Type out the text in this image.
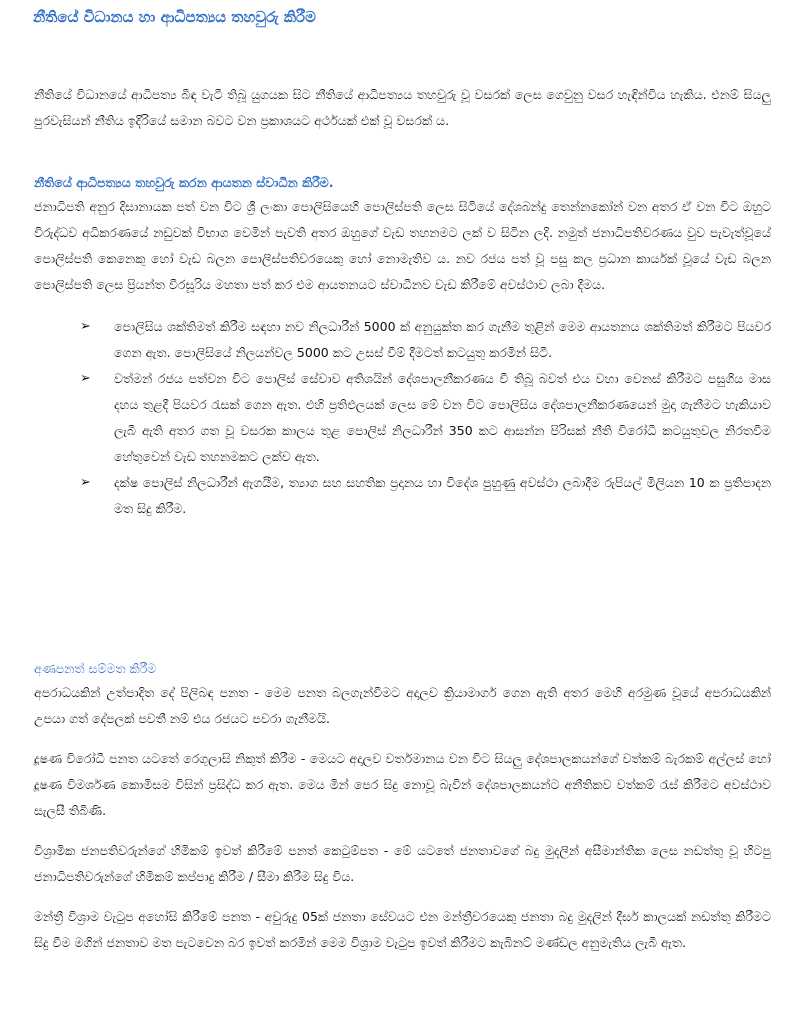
නීතියේ විධානය හා ආධිපත්‍යය තහවුරු කිරීම

නීතියේ විධානයේ ආධිපත්‍ය බිඳ වැටී තිබූ යුගයක සිට නීතියේ ආධිපත්‍යය තහවුරු වූ වසරක් ලෙස ගෙවුනු වසර හැඳින්විය හැකිය. එනම් සියලු පුරවැසියන් නීතිය ඉදිරියේ සමාන බවට වන ප්‍රකාශයට අර්ථයක් එක් වූ වසරක් ය.

නීතියේ ආධිපත්‍යය තහවුරු කරන ආයතන ස්වාධීන කිරීම.

ජනාධිපති අනුර දිසානායක පත් වන විට ශ්‍රී ලංකා පොලිසියෙහි පොලිස්පති ලෙස සිටියේ දේශබන්දු තෙන්නකෝන් වන අතර ඒ වන විට ඔහුට විරුද්ධව අධිකරණයේ නඩුවක් විභාග වෙමින් පැවති අතර ඔහුගේ වැඩ තහනමට ලක් ව සිටින ලදි. නමුත් ජනාධිපතිවරණය වුව පැවැත්වූයේ පොලිස්පති කෙනෙකු හෝ වැඩ බලන පොලිස්පතිවරයෙකු හෝ නොමැතිව ය. නව රජය පත් වූ පසු කල ප්‍රධාන කාර්යක් වූයේ වැඩ බලන පොලිස්පති ලෙස ප්‍රියන්ත වීරසූරිය මහතා පත් කර එම ආයතනයට ස්වාධීනව වැඩ කිරීමේ අවස්ථාව ලබා දීමය.

➢ පොලිසිය ශක්තිමත් කිරීම සඳහා නව නිලධාරීන් 5000 ක් අනුයුක්ත කර ගැනීම තුළින් මෙම ආයතනය ශක්තිමත් කිරීමට පියවර ගෙන ඇත. පොලිසියේ නිලයන්වල 5000 කට උසස් වීම් දීමටත් කටයුතු කරමින් සිටී.
➢ වත්මන් රජය පත්වන විට පොලිස් සේවාව අතිශයින් දේශපාලනීකරණය වී තිබූ බවත් එය වහා වෙනස් කිරීමට පසුගිය මාස දහය තුළදී පියවර රැසක් ගෙන ඇත. එහි ප්‍රතිඵලයක් ලෙස මේ වන විට පොලිසිය දේශපාලනීකරණයෙන් මුදා ගැනීමට හැකියාව ලැබී ඇති අතර ගත වූ වසරක කාලය තුළ පොලිස් නිලධාරීන් 350 කට ආසන්න පිරිසක් නීති විරෝධී කටයුතුවල නිරතවීම හේතුවෙන් වැඩ තහනමකට ලක්ව ඇත.
➢ දක්ෂ පොලිස් නිලධාරීන් ඇගයීම, ත්‍යාග සහ සහතික ප්‍රදානය හා විදේශ පුහුණු අවස්ථා ලබාදීම රුපියල් මිලියන 10 ක ප්‍රතිපාදන මත සිදු කිරීම.
අණපනත් සම්මත කිරීම

අපරාධයකින් උත්පාදිත දේ පිලිබඳ පනත - මෙම පනත බලගැන්වීමට අදාලව ක්‍රියාමාර්ග ගෙන ඇති අතර මෙහි අරමුණ වූයේ අපරාධයකින් උපයා ගත් දේපලක් පවතී නම් එය රජයට පවරා ගැනීමයි.

දූෂණ විරෝධී පනත යටතේ රෙගුලාසි නිකුත් කිරීම - මෙයට අදාලව වර්තමානය වන විට සියලු දේශපාලකයන්ගේ වත්කම් බැරකම් අල්ලස් හෝ දූෂණ විමර්ශණ කොමිසම විසින් ප්‍රසිද්ධ කර ඇත. මෙය මින් පෙර සිදු නොවූ බැවින් දේශපාලකයන්ට අනීතිකව වත්කම් රැස් කිරීමට අවස්ථාව සැලසී තිබිණි.

විශ්‍රාමික ජනපතිවරුන්ගේ හිමිකම් ඉවත් කිරීමේ පනත් කෙටුම්පත - මේ යටතේ ජනතාවගේ බදු මුදලින් අසීමාන්තික ලෙස නඩත්තු වූ හිටපු ජනාධිපතිවරුන්ගේ හිමිකම් කප්පාදු කිරීම / සීමා කිරීම සිදු විය.

මන්ත්‍රී විශ්‍රාම වැටුප අහෝසි කිරීමේ පනත - අවුරුදු 05ක් ජනතා සේවයට එන මන්ත්‍රීවරයෙකු ජනතා බදු මුදලින් දීර්ඝ කාලයක් නඩත්තු කිරීමට සිදු වීම මගින් ජනතාව මත පැටවෙන බර ඉවත් කරමින් මෙම විශ්‍රාම වැටුප ඉවත් කිරීමට කැබිනට් මණ්ඩල අනුමැතිය ලැබී ඇත.
